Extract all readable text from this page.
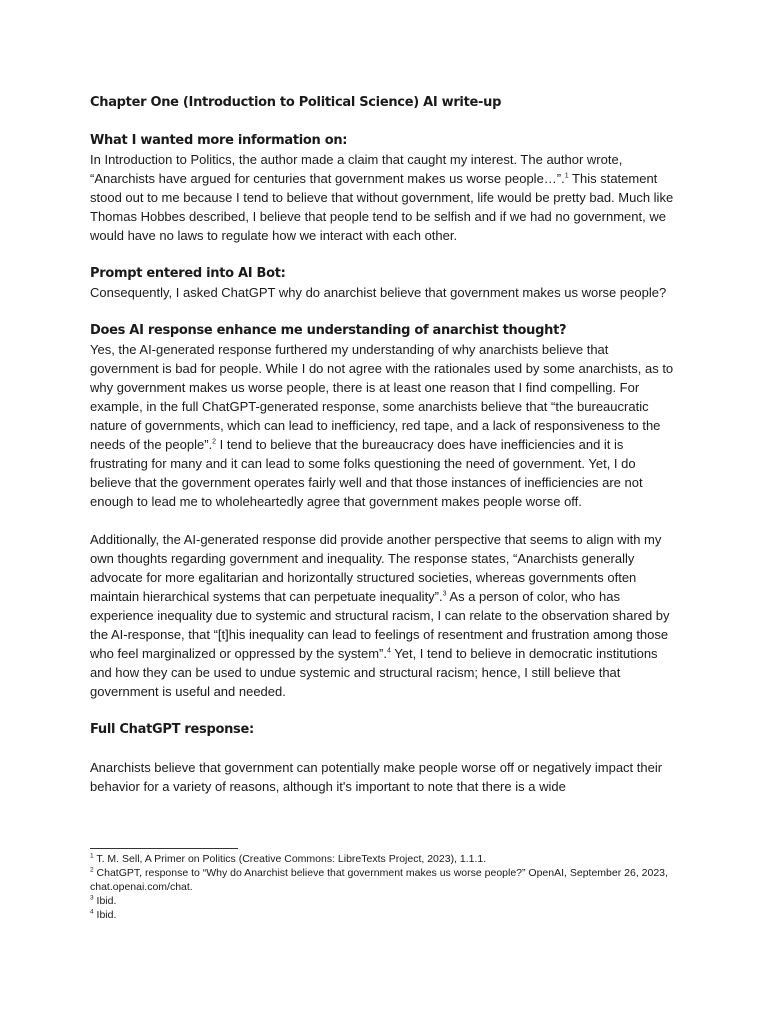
Chapter One (Introduction to Political Science) AI write-up

What I wanted more information on:

In Introduction to Politics, the author made a claim that caught my interest. The author wrote, “Anarchists have argued for centuries that government makes us worse people…”.$^1$ This statement stood out to me because I tend to believe that without government, life would be pretty bad. Much like Thomas Hobbes described, I believe that people tend to be selfish and if we had no government, we would have no laws to regulate how we interact with each other.

Prompt entered into AI Bot:

Consequently, I asked ChatGPT why do anarchist believe that government makes us worse people?

Does AI response enhance me understanding of anarchist thought?

Yes, the AI-generated response furthered my understanding of why anarchists believe that government is bad for people. While I do not agree with the rationales used by some anarchists, as to why government makes us worse people, there is at least one reason that I find compelling. For example, in the full ChatGPT-generated response, some anarchists believe that “the bureaucratic nature of governments, which can lead to inefficiency, red tape, and a lack of responsiveness to the needs of the people”.$^2$ I tend to believe that the bureaucracy does have inefficiencies and it is frustrating for many and it can lead to some folks questioning the need of government. Yet, I do believe that the government operates fairly well and that those instances of inefficiencies are not enough to lead me to wholeheartedly agree that government makes people worse off.

Additionally, the AI-generated response did provide another perspective that seems to align with my own thoughts regarding government and inequality. The response states, “Anarchists generally advocate for more egalitarian and horizontally structured societies, whereas governments often maintain hierarchical systems that can perpetuate inequality”.$^3$ As a person of color, who has experience inequality due to systemic and structural racism, I can relate to the observation shared by the AI-response, that “[t]his inequality can lead to feelings of resentment and frustration among those who feel marginalized or oppressed by the system”.$^4$ Yet, I tend to believe in democratic institutions and how they can be used to undue systemic and structural racism; hence, I still believe that government is useful and needed.

Full ChatGPT response:

Anarchists believe that government can potentially make people worse off or negatively impact their behavior for a variety of reasons, although it's important to note that there is a wide

$^1$ T. M. Sell, A Primer on Politics (Creative Commons: LibreTexts Project, 2023), 1.1.1.

$^2$ ChatGPT, response to “Why do Anarchist believe that government makes us worse people?” OpenAI, September 26, 2023, chat.openai.com/chat.

$^3$ Ibid.

$^4$ Ibid.
